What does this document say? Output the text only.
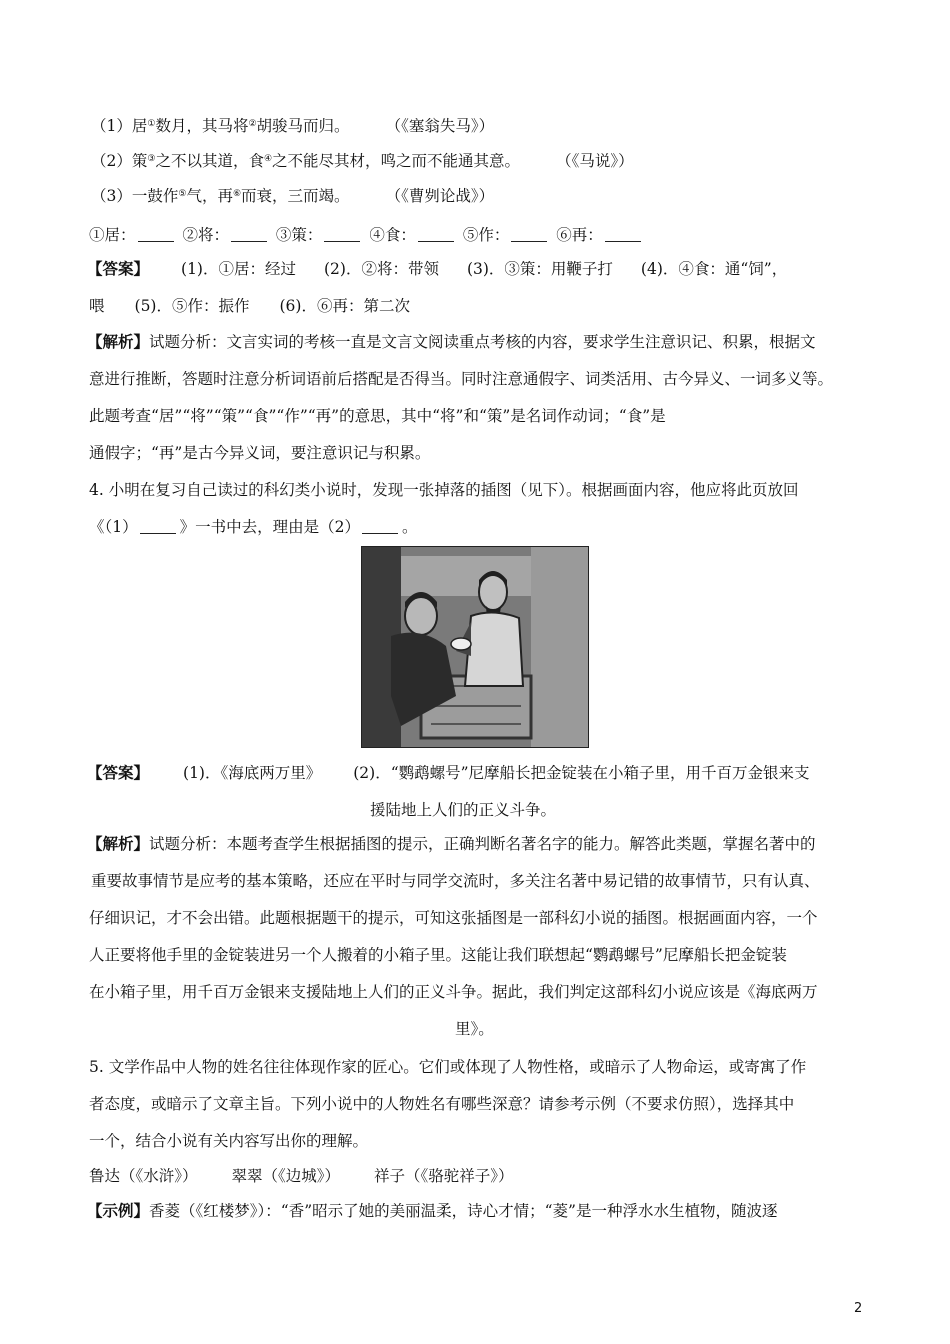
（1）居①数月，其马将②胡骏马而归。 （《塞翁失马》）
（2）策③之不以其道，食④之不能尽其材，鸣之而不能通其意。 （《马说》）
（3）一鼓作⑤气，再⑥而衰，三而竭。 （《曹刿论战》）
①居：	②将：	③策：	④食：	⑤作：	⑥再：
【答案】 (1)．①居：经过 (2)．②将：带领 (3)．③策：用鞭子打 (4)．④食：通“饲”，
喂 (5)．⑤作：振作 (6)．⑥再：第二次
【解析】试题分析：文言实词的考核一直是文言文阅读重点考核的内容，要求学生注意识记、积累，根据文
意进行推断，答题时注意分析词语前后搭配是否得当。同时注意通假字、词类活用、古今异义、一词多义等。
此题考查“居”“将”“策”“食”“作”“再”的意思，其中“将”和“策”是名词作动词；“食”是
通假字；“再”是古今异义词，要注意识记与积累。
4. 小明在复习自己读过的科幻类小说时，发现一张掉落的插图（见下）。根据画面内容，他应将此页放回
《（1）	》一书中去，理由是（2）	。
【答案】 (1)．《海底两万里》 (2)．“鹦鹉螺号”尼摩船长把金锭装在小箱子里，用千百万金银来支
援陆地上人们的正义斗争。
【解析】试题分析：本题考查学生根据插图的提示，正确判断名著名字的能力。解答此类题，掌握名著中的
重要故事情节是应考的基本策略，还应在平时与同学交流时，多关注名著中易记错的故事情节，只有认真、
仔细识记，才不会出错。此题根据题干的提示，可知这张插图是一部科幻小说的插图。根据画面内容，一个
人正要将他手里的金锭装进另一个人搬着的小箱子里。这能让我们联想起“鹦鹉螺号”尼摩船长把金锭装
在小箱子里，用千百万金银来支援陆地上人们的正义斗争。据此，我们判定这部科幻小说应该是《海底两万
里》。
5. 文学作品中人物的姓名往往体现作家的匠心。它们或体现了人物性格，或暗示了人物命运，或寄寓了作
者态度，或暗示了文章主旨。下列小说中的人物姓名有哪些深意？请参考示例（不要求仿照），选择其中
一个，结合小说有关内容写出你的理解。
鲁达（《水浒》） 翠翠（《边城》） 祥子（《骆驼祥子》）
【示例】香菱（《红楼梦》）：“香”昭示了她的美丽温柔，诗心才情；“菱”是一种浮水水生植物，随波逐
2
